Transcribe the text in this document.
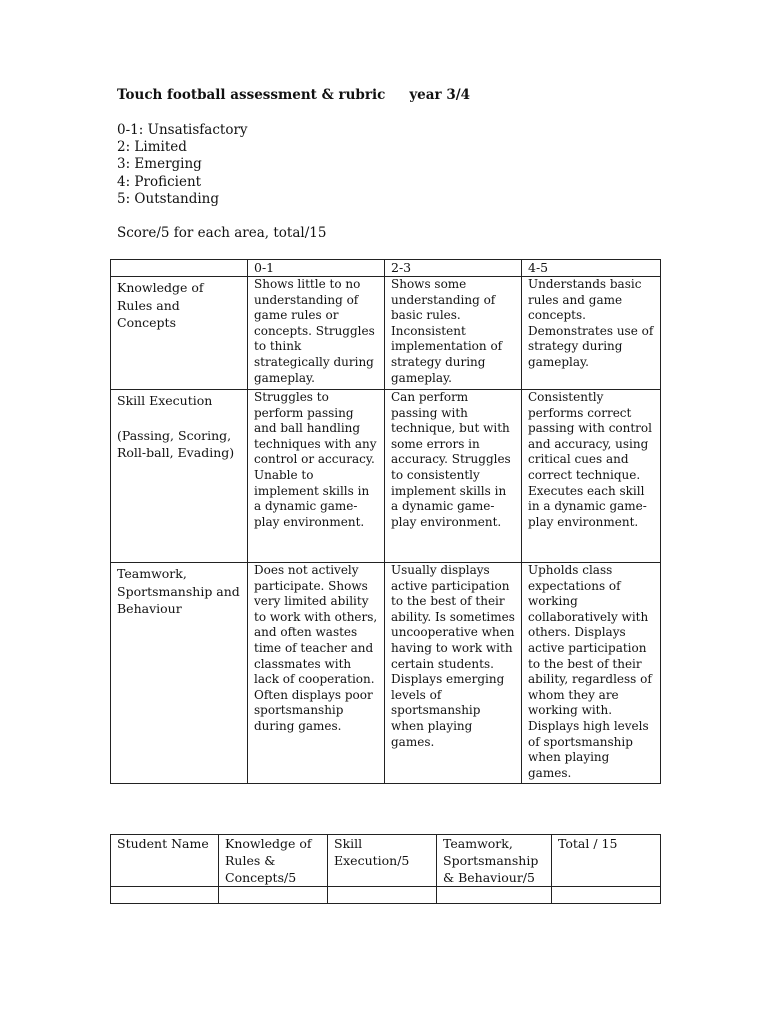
Touch football assessment & rubric year 3/4
0-1: Unsatisfactory
2: Limited
3: Emerging
4: Proficient
5: Outstanding
Score/5 for each area, total/15
	0-1	2-3	4-5
Knowledge of Rules and Concepts	Shows little to no understanding of game rules or concepts. Struggles to think strategically during gameplay.	Shows some understanding of basic rules. Inconsistent implementation of strategy during gameplay.	Understands basic rules and game concepts. Demonstrates use of strategy during gameplay.
Skill Execution
(Passing, Scoring, Roll-ball, Evading)	Struggles to perform passing and ball handling techniques with any control or accuracy. Unable to implement skills in a dynamic game-play environment.	Can perform passing with technique, but with some errors in accuracy. Struggles to consistently implement skills in a dynamic game-play environment.	Consistently performs correct passing with control and accuracy, using critical cues and correct technique. Executes each skill in a dynamic game-play environment.
Teamwork, Sportsmanship and Behaviour	Does not actively participate. Shows very limited ability to work with others, and often wastes time of teacher and classmates with lack of cooperation. Often displays poor sportsmanship during games.	Usually displays active participation to the best of their ability. Is sometimes uncooperative when having to work with certain students. Displays emerging levels of sportsmanship when playing games.	Upholds class expectations of working collaboratively with others. Displays active participation to the best of their ability, regardless of whom they are working with. Displays high levels of sportsmanship when playing games.
Student Name	Knowledge of Rules & Concepts/5	Skill Execution/5	Teamwork, Sportsmanship & Behaviour/5	Total / 15
